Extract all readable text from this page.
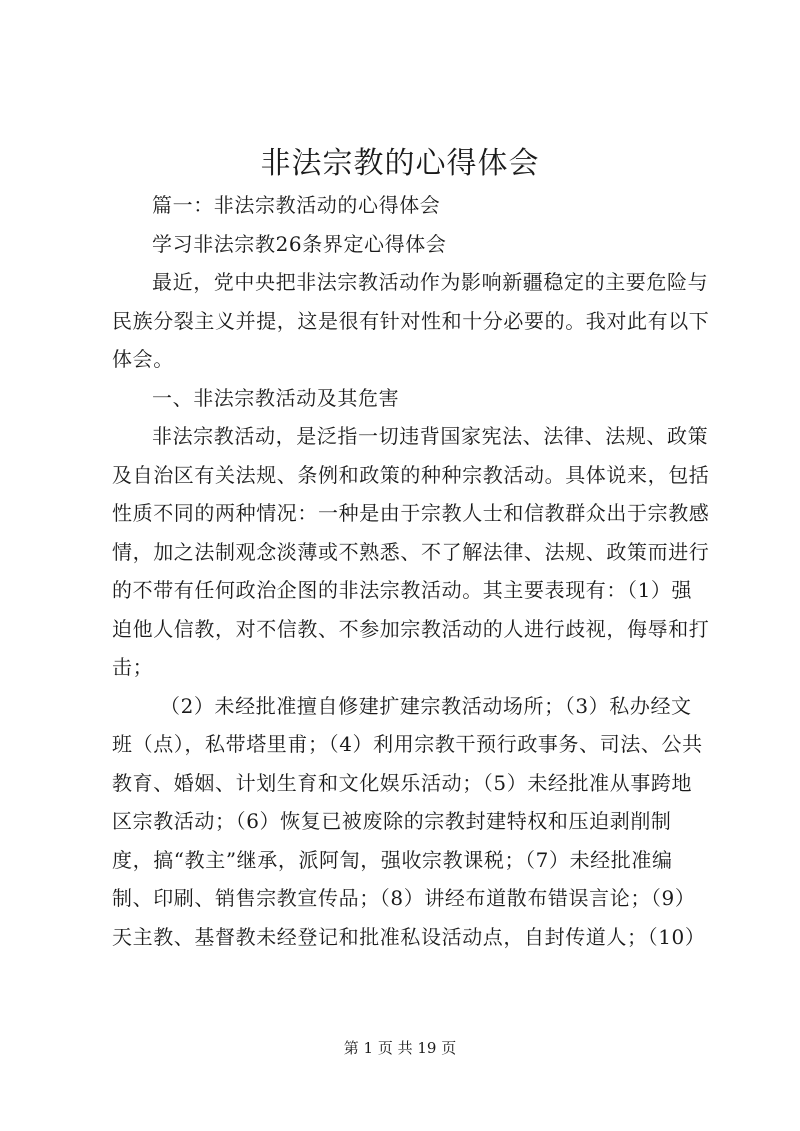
非法宗教的心得体会

篇一：非法宗教活动的心得体会

学习非法宗教26条界定心得体会

最近，党中央把非法宗教活动作为影响新疆稳定的主要危险与民族分裂主义并提，这是很有针对性和十分必要的。我对此有以下体会。

一、非法宗教活动及其危害

非法宗教活动，是泛指一切违背国家宪法、法律、法规、政策及自治区有关法规、条例和政策的种种宗教活动。具体说来，包括性质不同的两种情况：一种是由于宗教人士和信教群众出于宗教感情，加之法制观念淡薄或不熟悉、不了解法律、法规、政策而进行的不带有任何政治企图的非法宗教活动。其主要表现有：（1）强迫他人信教，对不信教、不参加宗教活动的人进行歧视，侮辱和打击；

（2）未经批准擅自修建扩建宗教活动场所；（3）私办经文班（点），私带塔里甫；（4）利用宗教干预行政事务、司法、公共教育、婚姻、计划生育和文化娱乐活动；（5）未经批准从事跨地区宗教活动；（6）恢复已被废除的宗教封建特权和压迫剥削制度，搞“教主”继承，派阿訇，强收宗教课税；（7）未经批准编制、印刷、销售宗教宣传品；（8）讲经布道散布错误言论；（9）天主教、基督教未经登记和批准私设活动点，自封传道人；（10）

第 1 页 共 19 页
